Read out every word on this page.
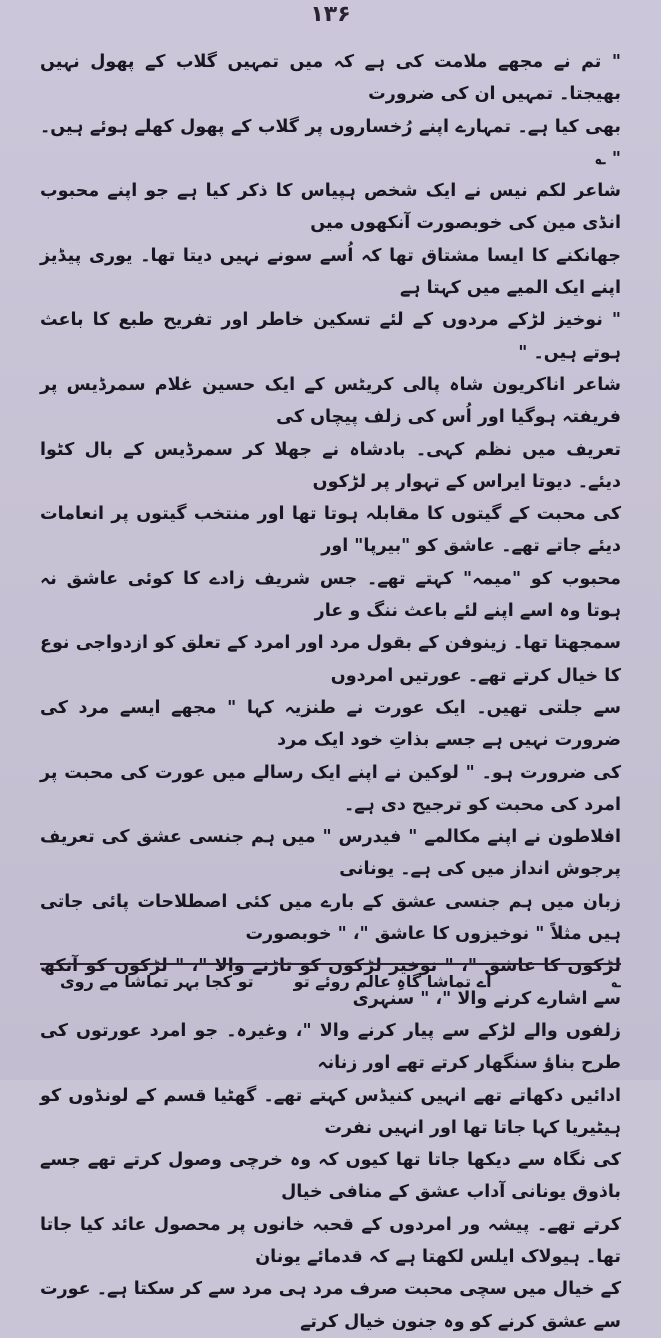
۱۳۶

" تم نے مجھے ملامت کی ہے کہ میں تمہیں گلاب کے پھول نہیں بھیجتا۔ تمہیں ان کی ضرورت

بھی کیا ہے۔ تمہارے اپنے رُخساروں پر گلاب کے پھول کھلے ہوئے ہیں۔ " ؎

شاعر لکم نیس نے ایک شخص ہپیاس کا ذکر کیا ہے جو اپنے محبوب انڈی مین کی خوبصورت آنکھوں میں

جھانکنے کا ایسا مشتاق تھا کہ اُسے سونے نہیں دیتا تھا۔ یوری پیڈیز اپنے ایک المیے میں کہتا ہے

" نوخیز لڑکے مردوں کے لئے تسکین خاطر اور تفریح طبع کا باعث ہوتے ہیں۔ "

شاعر اناکریون شاہ پالی کریٹس کے ایک حسین غلام سمرڈیس پر فریفتہ ہوگیا اور اُس کی زلف پیچاں کی

تعریف میں نظم کہی۔ بادشاہ نے جھلا کر سمرڈیس کے بال کٹوا دیئے۔ دیوتا ایراس کے تہوار پر لڑکوں

کی محبت کے گیتوں کا مقابلہ ہوتا تھا اور منتخب گیتوں پر انعامات دیئے جاتے تھے۔ عاشق کو "بیرپا" اور

محبوب کو "میمہ" کہتے تھے۔ جس شریف زادے کا کوئی عاشق نہ ہوتا وہ اسے اپنے لئے باعث ننگ و عار

سمجھتا تھا۔ زینوفن کے بقول مرد اور امرد کے تعلق کو ازدواجی نوع کا خیال کرتے تھے۔ عورتیں امردوں

سے جلتی تھیں۔ ایک عورت نے طنزیہ کہا " مجھے ایسے مرد کی ضرورت نہیں ہے جسے بذاتِ خود ایک مرد

کی ضرورت ہو۔ " لوکین نے اپنے ایک رسالے میں عورت کی محبت پر امرد کی محبت کو ترجیح دی ہے۔

افلاطون نے اپنے مکالمے " فیدرس " میں ہم جنسی عشق کی تعریف پرجوش انداز میں کی ہے۔ یونانی

زبان میں ہم جنسی عشق کے بارے میں کئی اصطلاحات پائی جاتی ہیں مثلاً " نوخیزوں کا عاشق "، " خوبصورت

لڑکوں کا عاشق "، " نوخیز لڑکوں کو تاڑنے والا "، " لڑکوں کو آنکھ سے اشارے کرنے والا "، " سنہری

زلفوں والے لڑکے سے پیار کرنے والا "، وغیرہ۔ جو امرد عورتوں کی طرح بناؤ سنگھار کرتے تھے اور زنانہ

ادائیں دکھاتے تھے انہیں کنیڈس کہتے تھے۔ گھٹیا قسم کے لونڈوں کو ہیٹیریا کہا جاتا تھا اور انہیں نفرت

کی نگاہ سے دیکھا جاتا تھا کیوں کہ وہ خرچی وصول کرتے تھے جسے باذوق یونانی آداب عشق کے منافی خیال

کرتے تھے۔ پیشہ ور امردوں کے قحبہ خانوں پر محصول عائد کیا جاتا تھا۔ ہیولاک ایلس لکھتا ہے کہ قدمائے یونان

کے خیال میں سچی محبت صرف مرد ہی مرد سے کر سکتا ہے۔ عورت سے عشق کرنے کو وہ جنون خیال کرتے

؎
اے تماشا گاہِ عالم روئے تو
تو کجا بہر تماشا مے روی
